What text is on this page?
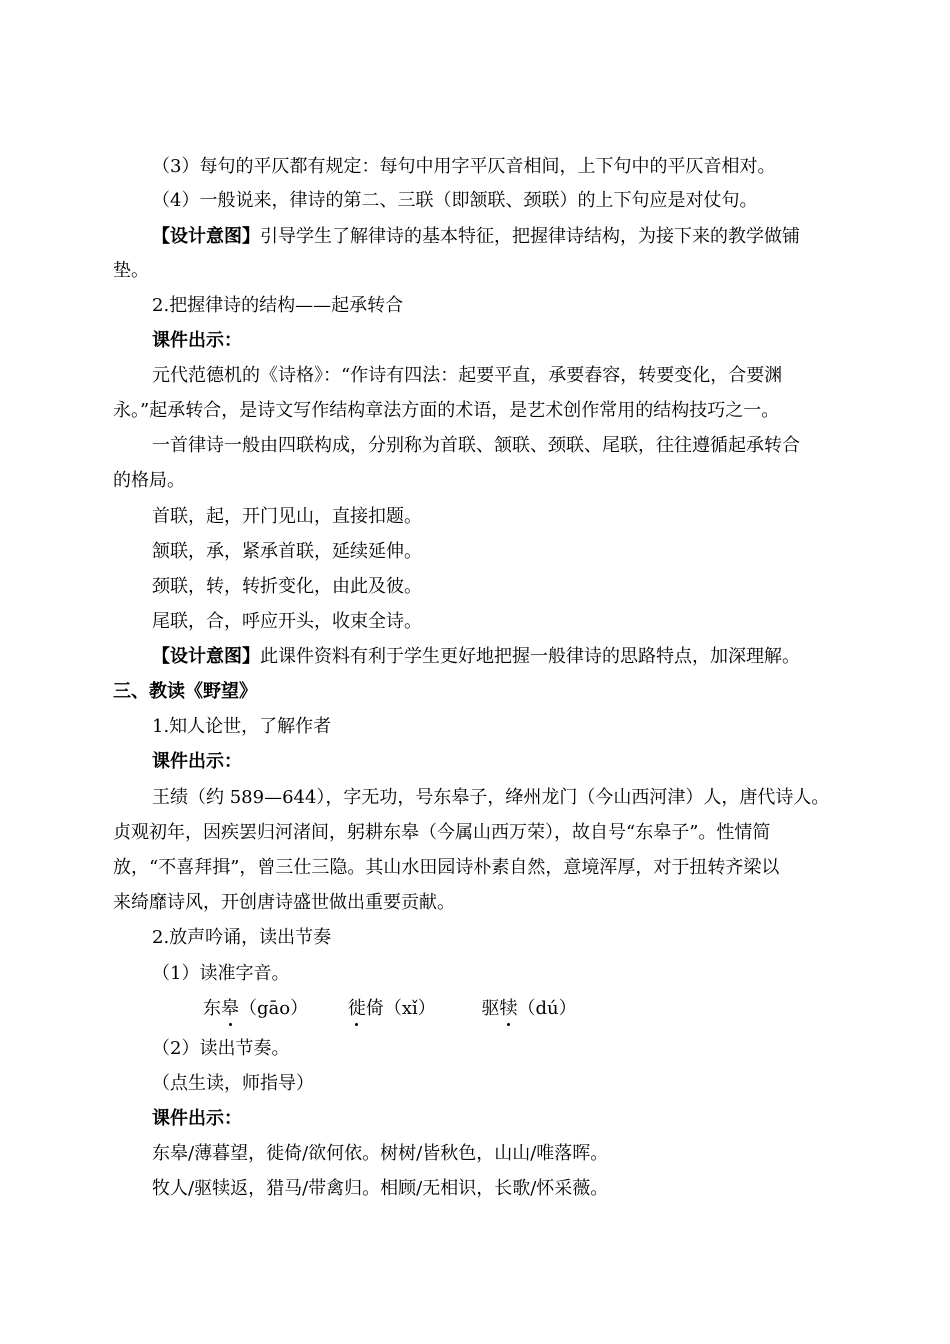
（3）每句的平仄都有规定：每句中用字平仄音相间，上下句中的平仄音相对。
（4）一般说来，律诗的第二、三联（即颔联、颈联）的上下句应是对仗句。
【设计意图】引导学生了解律诗的基本特征，把握律诗结构，为接下来的教学做铺
垫。
2.把握律诗的结构——起承转合
课件出示：
元代范德机的《诗格》：“作诗有四法：起要平直，承要舂容，转要变化，合要渊
永。”起承转合，是诗文写作结构章法方面的术语，是艺术创作常用的结构技巧之一。
一首律诗一般由四联构成，分别称为首联、颔联、颈联、尾联，往往遵循起承转合
的格局。
首联，起，开门见山，直接扣题。
颔联，承，紧承首联，延续延伸。
颈联，转，转折变化，由此及彼。
尾联，合，呼应开头，收束全诗。
【设计意图】此课件资料有利于学生更好地把握一般律诗的思路特点，加深理解。
三、教读《野望》
1.知人论世，了解作者
课件出示：
王绩（约 589—644），字无功，号东皋子，绛州龙门（今山西河津）人，唐代诗人。
贞观初年，因疾罢归河渚间，躬耕东皋（今属山西万荣），故自号“东皋子”。性情简
放，“不喜拜揖”，曾三仕三隐。其山水田园诗朴素自然，意境浑厚，对于扭转齐梁以
来绮靡诗风，开创唐诗盛世做出重要贡献。
2.放声吟诵，读出节奏
（1）读准字音。
东皋（gāo） 徙倚（xǐ）	驱犊（dú）
（2）读出节奏。
（点生读，师指导）
课件出示：
东皋/薄暮望，徙倚/欲何依。树树/皆秋色，山山/唯落晖。
牧人/驱犊返，猎马/带禽归。相顾/无相识，长歌/怀采薇。
